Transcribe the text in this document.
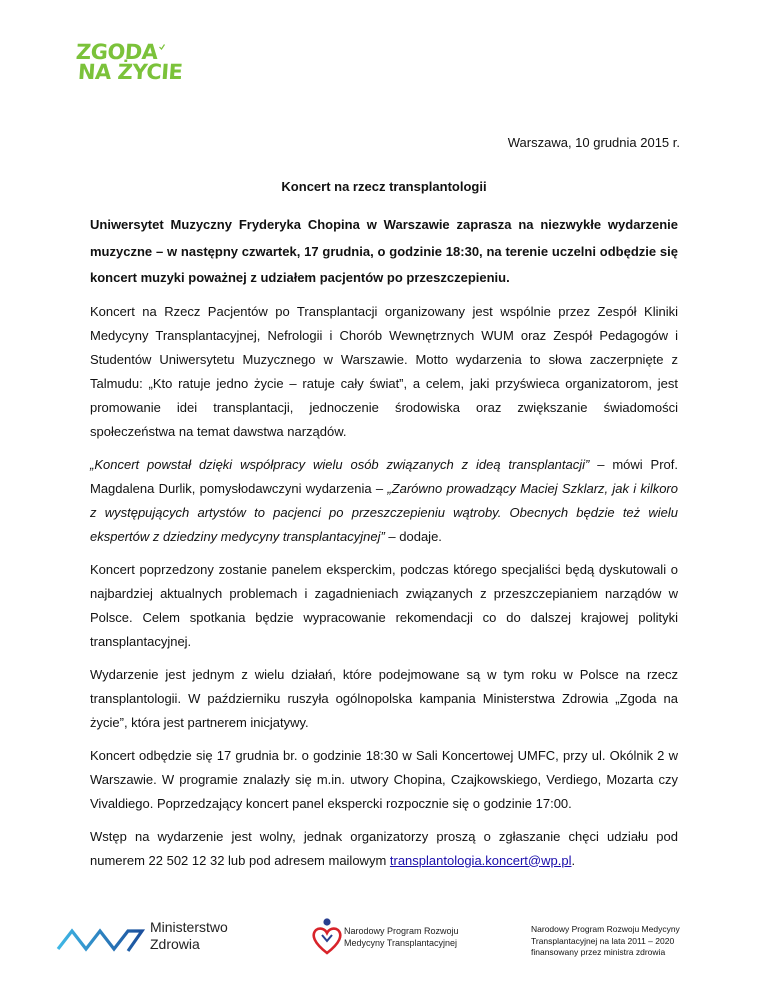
ZGODA
NA ŻYCIE
Warszawa, 10 grudnia 2015 r.
Koncert na rzecz transplantologii

Uniwersytet Muzyczny Fryderyka Chopina w Warszawie zaprasza na niezwykłe wydarzenie muzyczne – w następny czwartek, 17 grudnia, o godzinie 18:30, na terenie uczelni odbędzie się koncert muzyki poważnej z udziałem pacjentów po przeszczepieniu.

Koncert na Rzecz Pacjentów po Transplantacji organizowany jest wspólnie przez Zespół Kliniki Medycyny Transplantacyjnej, Nefrologii i Chorób Wewnętrznych WUM oraz Zespół Pedagogów i Studentów Uniwersytetu Muzycznego w Warszawie. Motto wydarzenia to słowa zaczerpnięte z Talmudu: „Kto ratuje jedno życie – ratuje cały świat”, a celem, jaki przyświeca organizatorom, jest promowanie idei transplantacji, jednoczenie środowiska oraz zwiększanie świadomości społeczeństwa na temat dawstwa narządów.

„Koncert powstał dzięki współpracy wielu osób związanych z ideą transplantacji” – mówi Prof. Magdalena Durlik, pomysłodawczyni wydarzenia – „Zarówno prowadzący Maciej Szklarz, jak i kilkoro z występujących artystów to pacjenci po przeszczepieniu wątroby. Obecnych będzie też wielu ekspertów z dziedziny medycyny transplantacyjnej” – dodaje.

Koncert poprzedzony zostanie panelem eksperckim, podczas którego specjaliści będą dyskutowali o najbardziej aktualnych problemach i zagadnieniach związanych z przeszczepianiem narządów w Polsce. Celem spotkania będzie wypracowanie rekomendacji co do dalszej krajowej polityki transplantacyjnej.

Wydarzenie jest jednym z wielu działań, które podejmowane są w tym roku w Polsce na rzecz transplantologii. W październiku ruszyła ogólnopolska kampania Ministerstwa Zdrowia „Zgoda na życie”, która jest partnerem inicjatywy.

Koncert odbędzie się 17 grudnia br. o godzinie 18:30 w Sali Koncertowej UMFC, przy ul. Okólnik 2 w Warszawie. W programie znalazły się m.in. utwory Chopina, Czajkowskiego, Verdiego, Mozarta czy Vivaldiego. Poprzedzający koncert panel ekspercki rozpocznie się o godzinie 17:00.

Wstęp na wydarzenie jest wolny, jednak organizatorzy proszą o zgłaszanie chęci udziału pod numerem 22 502 12 32 lub pod adresem mailowym transplantologia.koncert@wp.pl.

Ministerstwo
Zdrowia
Narodowy Program Rozwoju
Medycyny Transplantacyjnej
Narodowy Program Rozwoju Medycyny
Transplantacyjnej na lata 2011 – 2020
finansowany przez ministra zdrowia
